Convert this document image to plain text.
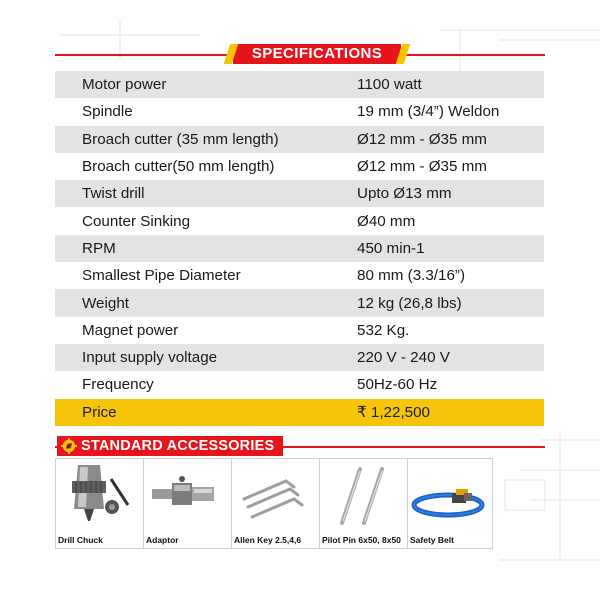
SPECIFICATIONS
Motor power	1100 watt
Spindle	19 mm (3/4”) Weldon
Broach cutter (35 mm length)	Ø12 mm - Ø35 mm
Broach cutter(50 mm length)	Ø12 mm - Ø35 mm
Twist drill	Upto Ø13 mm
Counter Sinking	Ø40 mm
RPM	450 min-1
Smallest Pipe Diameter	80 mm (3.3/16”)
Weight	12 kg (26,8 lbs)
Magnet power	532 Kg.
Input supply voltage	220 V - 240 V
Frequency	50Hz-60 Hz
Price	₹ 1,22,500
STANDARD ACCESSORIES
Drill Chuck	Adaptor	Allen Key 2.5,4,6 Pilot Pin 6x50, 8x50 Safety Belt
